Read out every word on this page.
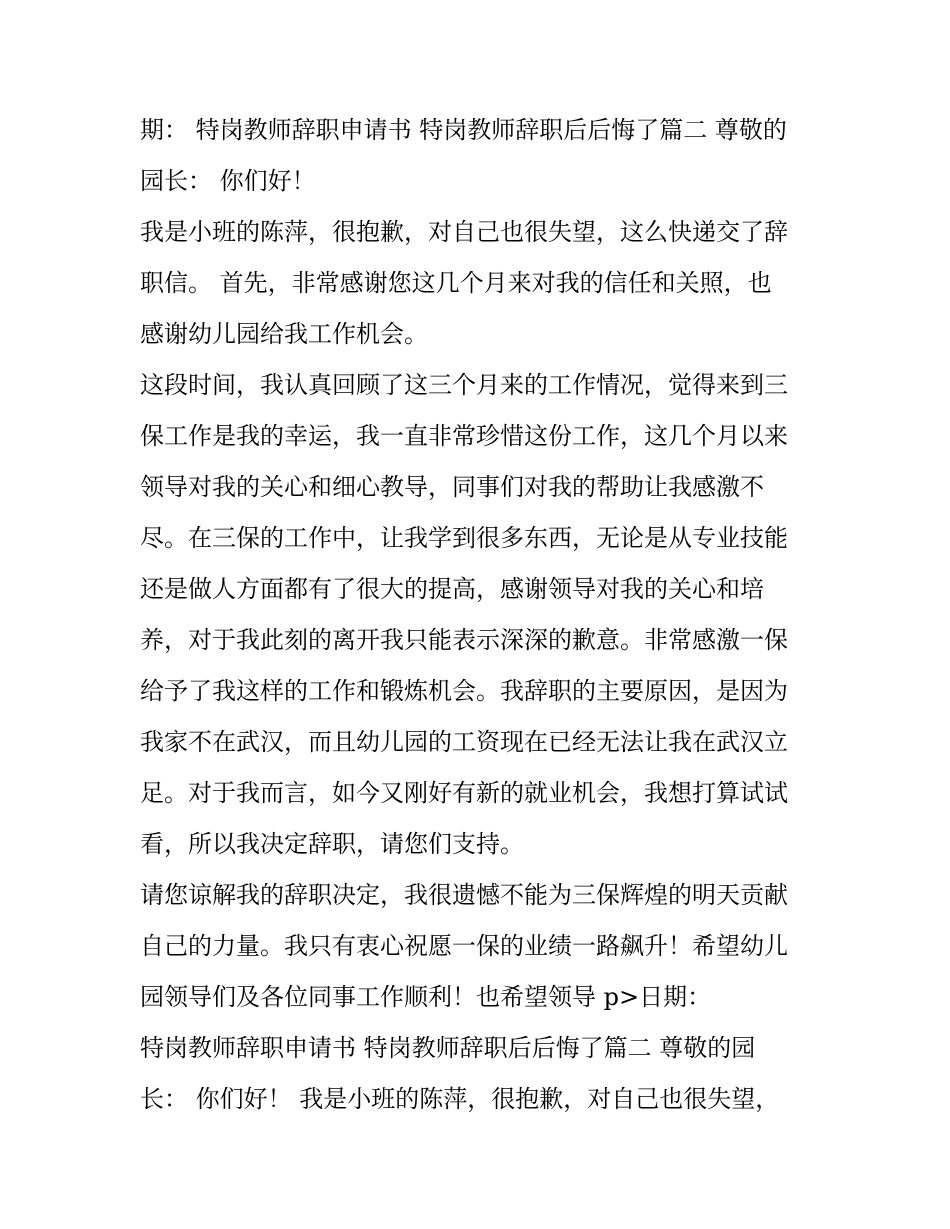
期： 特岗教师辞职申请书 特岗教师辞职后后悔了篇二 尊敬的
园长： 你们好！
我是小班的陈萍，很抱歉，对自己也很失望，这么快递交了辞
职信。 首先，非常感谢您这几个月来对我的信任和关照，也
感谢幼儿园给我工作机会。
这段时间，我认真回顾了这三个月来的工作情况，觉得来到三
保工作是我的幸运，我一直非常珍惜这份工作，这几个月以来
领导对我的关心和细心教导，同事们对我的帮助让我感激不
尽。在三保的工作中，让我学到很多东西，无论是从专业技能
还是做人方面都有了很大的提高，感谢领导对我的关心和培
养，对于我此刻的离开我只能表示深深的歉意。非常感激一保
给予了我这样的工作和锻炼机会。我辞职的主要原因，是因为
我家不在武汉，而且幼儿园的工资现在已经无法让我在武汉立
足。对于我而言，如今又刚好有新的就业机会，我想打算试试
看，所以我决定辞职，请您们支持。
请您谅解我的辞职决定，我很遗憾不能为三保辉煌的明天贡献
自己的力量。我只有衷心祝愿一保的业绩一路飙升！希望幼儿
园领导们及各位同事工作顺利！也希望领导 p>日期：
特岗教师辞职申请书 特岗教师辞职后后悔了篇二 尊敬的园
长： 你们好！ 我是小班的陈萍，很抱歉，对自己也很失望，
